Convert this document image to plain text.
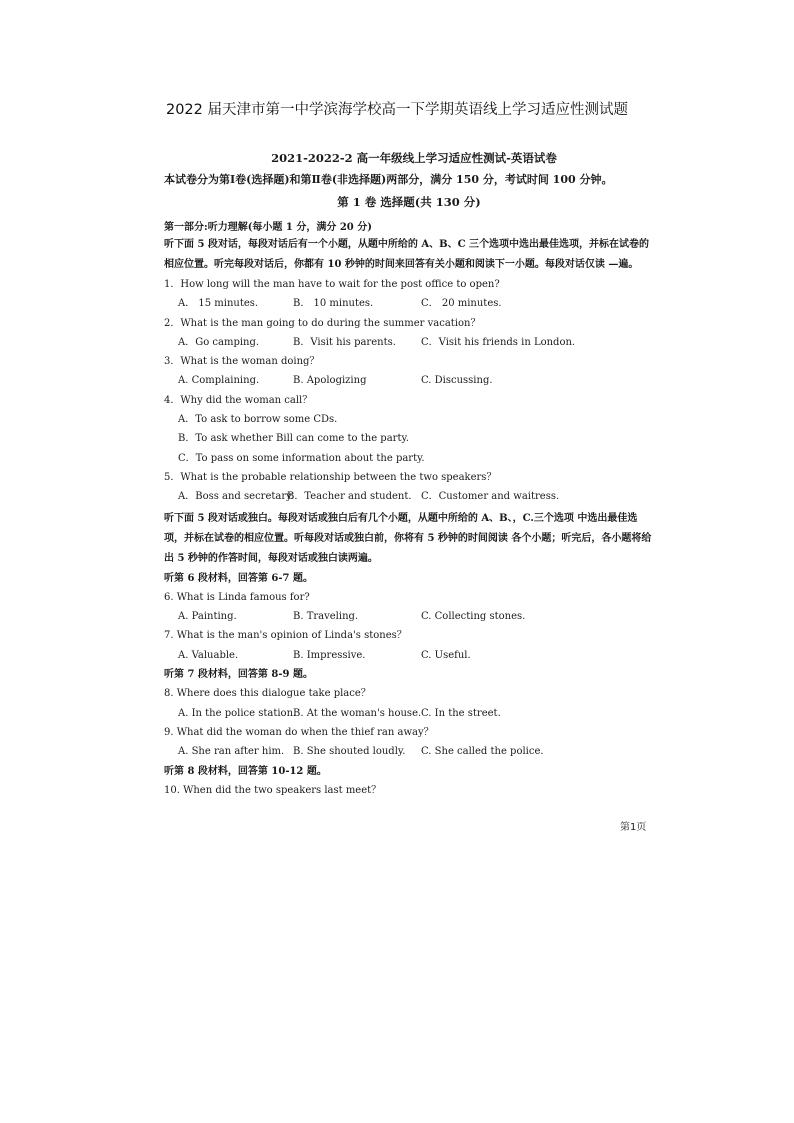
2022 届天津市第一中学滨海学校高一下学期英语线上学习适应性测试题
2021-2022-2 高一年级线上学习适应性测试-英语试卷
本试卷分为第Ⅰ卷(选择题)和第Ⅱ卷(非选择题)两部分，满分 150 分，考试时间 100 分钟。
第 1 卷 选择题(共 130 分)
第一部分:听力理解(每小题 1 分，满分 20 分)
听下面 5 段对话，每段对话后有一个小题，从题中所给的 A、B、C 三个选项中选出最佳选项，并标在试卷的相应位置。听完每段对话后，你都有 10 秒钟的时间来回答有关小题和阅读下一小题。每段对话仅读 —遍。
1．How long will the man have to wait for the post office to open?
A． 15 minutes.	B． 10 minutes.	C． 20 minutes.
2．What is the man going to do during the summer vacation？
A．Go camping.	B．Visit his parents.	C．Visit his friends in London.
3．What is the woman doing？
A. Complaining.	B. Apologizing	C. Discussing.
4．Why did the woman call？
A．To ask to borrow some CDs.
B．To ask whether Bill can come to the party.
C．To pass on some information about the party.
5．What is the probable relationship between the two speakers？
A．Boss and secretary.
B．Teacher and student. C．Customer and waitress.
听下面 5 段对话或独白。每段对话或独白后有几个小题，从题中所给的 A、B、，C.三个选项 中选出最佳选项，并标在试卷的相应位置。听每段对话或独白前，你将有 5 秒钟的时间阅读 各个小题；听完后，各小题将给出 5 秒钟的作答时间，每段对话或独白读两遍。
听第 6 段材料，回答第 6-7 题。
6. What is Linda famous for?
A. Painting.	B. Traveling.	C. Collecting stones.
7. What is the man's opinion of Linda's stones？
A. Valuable.	B. Impressive.	C. Useful.
听第 7 段材料，回答第 8-9 题。
8. Where does this dialogue take place？
A. In the police station.
B. At the woman's house. C. In the street.
9. What did the woman do when the thief ran away？
A. She ran after him. B. She shouted loudly. C. She called the police.
听第 8 段材料，回答第 10-12 题。
10. When did the two speakers last meet？
第1页
